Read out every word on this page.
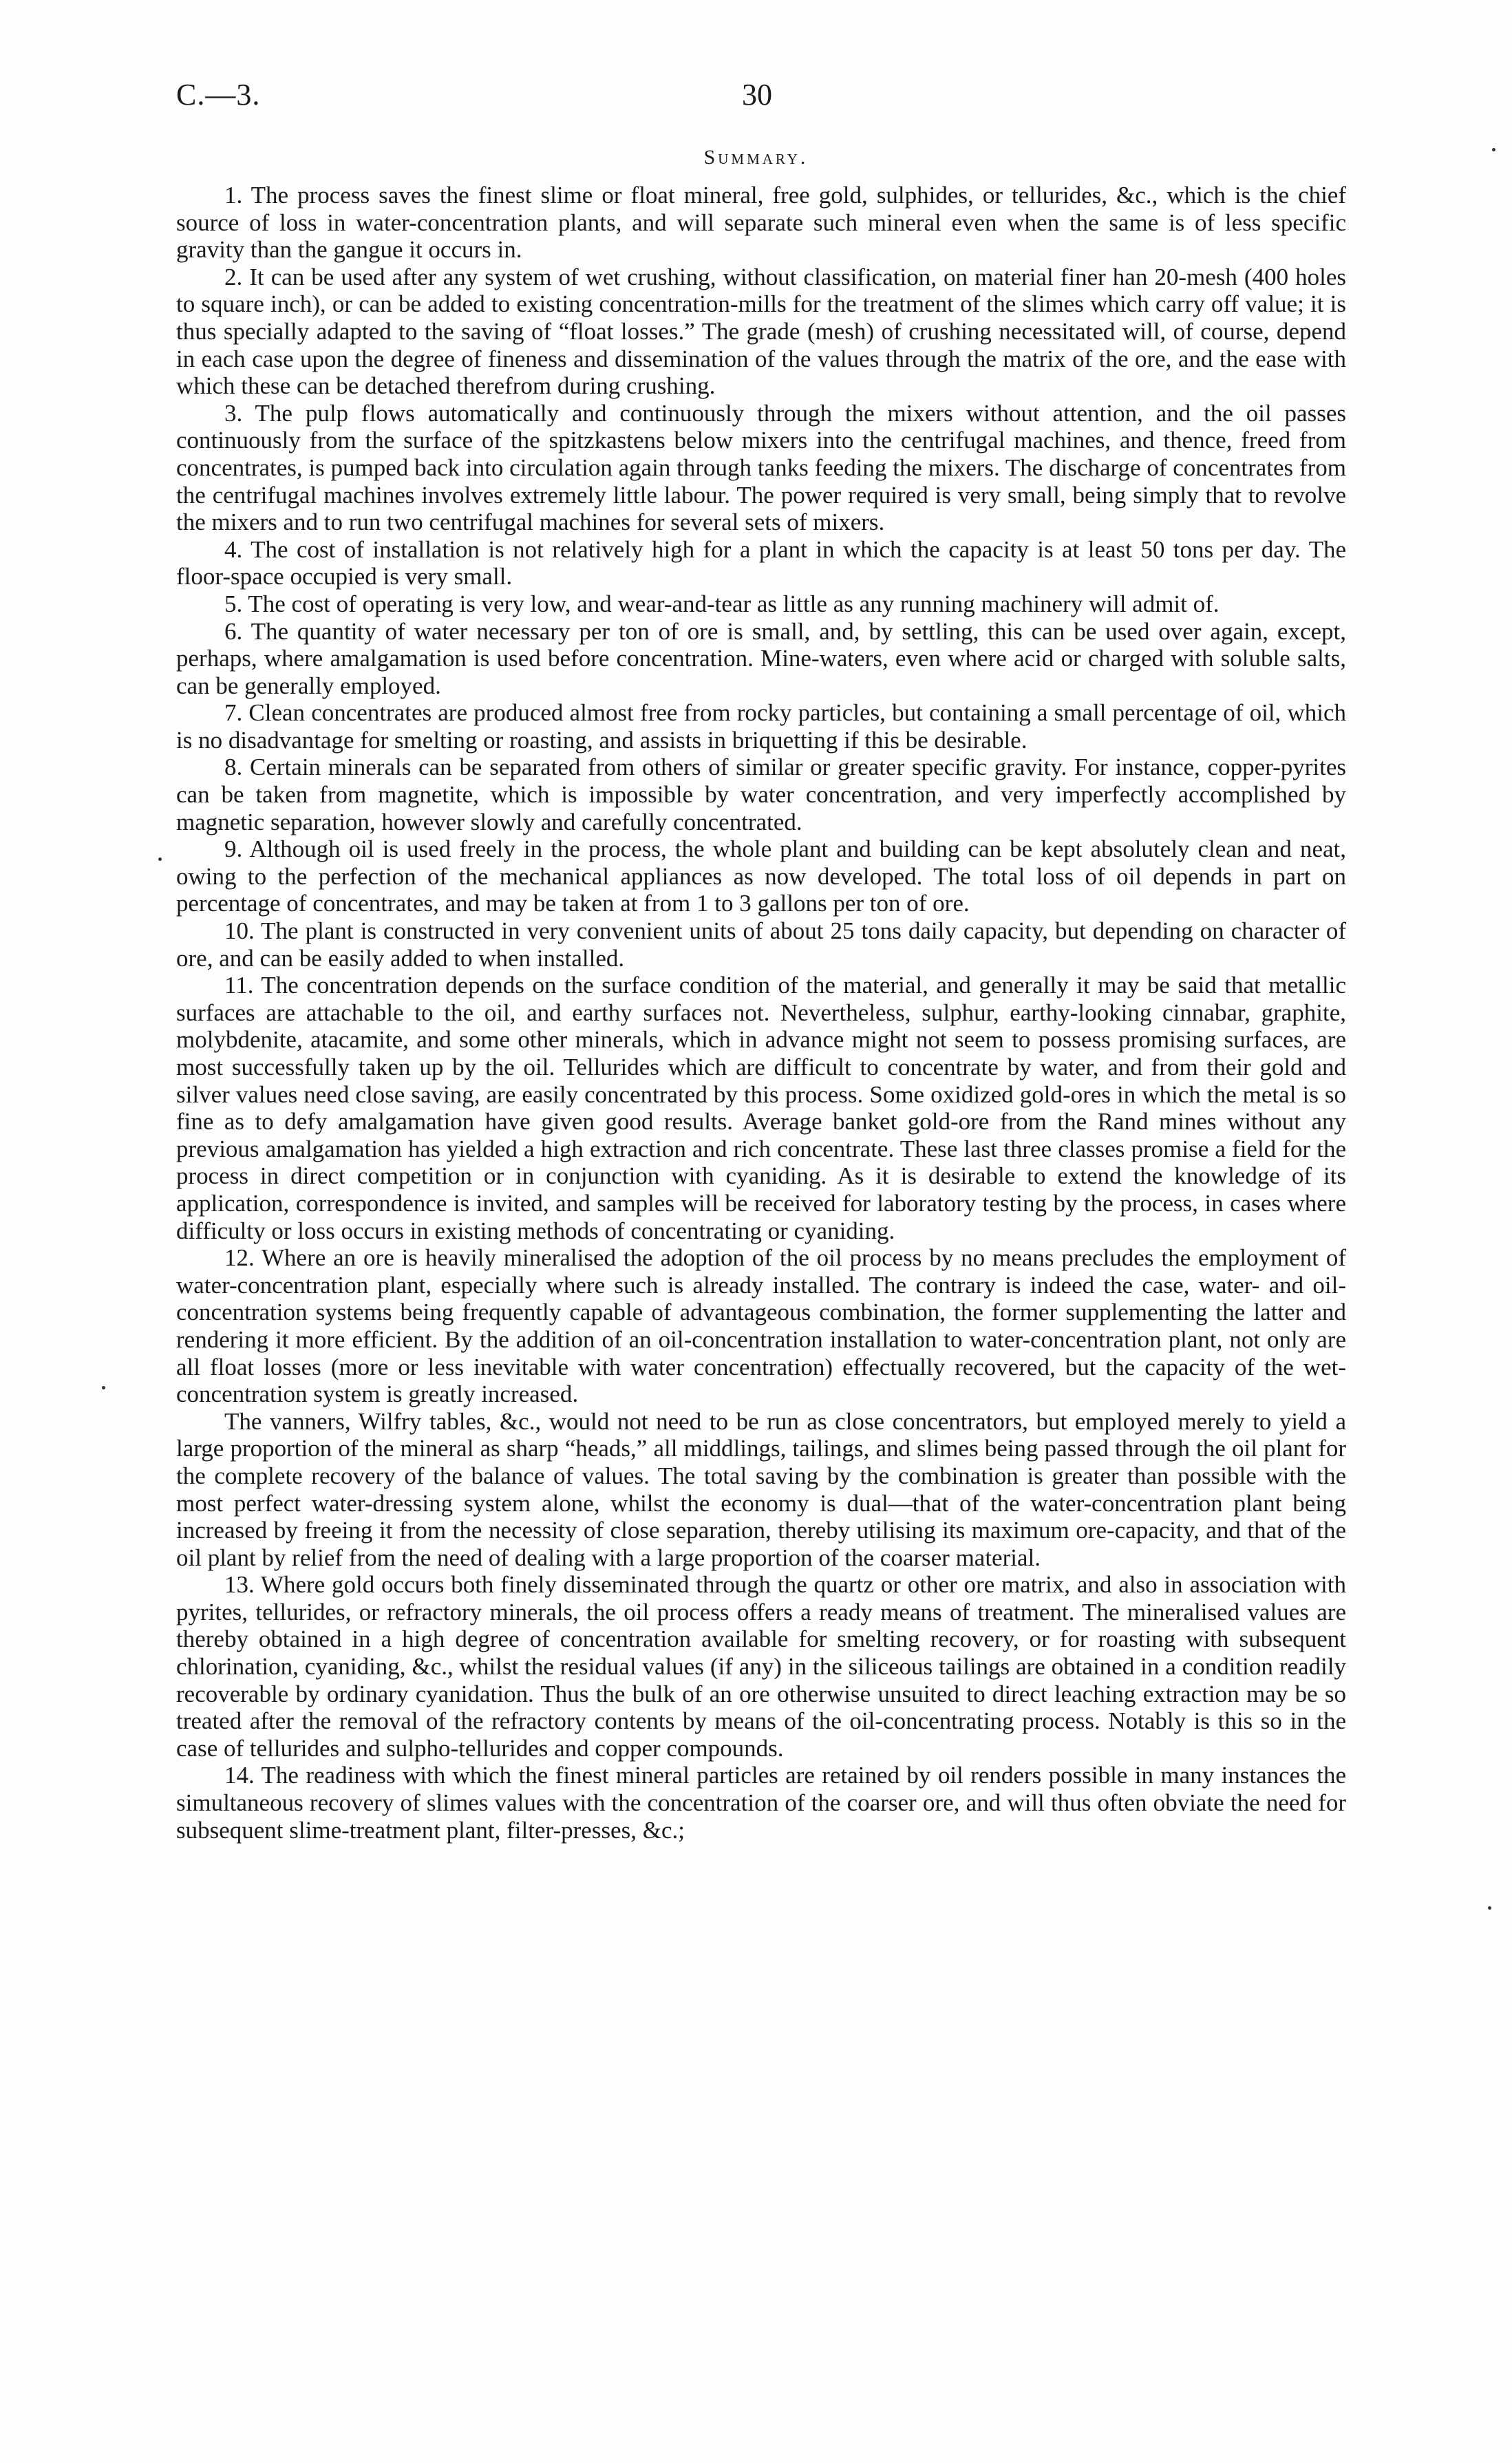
C.—3.	30
Summary.

1. The process saves the finest slime or float mineral, free gold, sulphides, or tellurides, &c., which is the chief source of loss in water-concentration plants, and will separate such mineral even when the same is of less specific gravity than the gangue it occurs in.

2. It can be used after any system of wet crushing, without classification, on material finer han 20-mesh (400 holes to square inch), or can be added to existing concentration-mills for the treatment of the slimes which carry off value; it is thus specially adapted to the saving of “float losses.” The grade (mesh) of crushing necessitated will, of course, depend in each case upon the degree of fineness and dissemination of the values through the matrix of the ore, and the ease with which these can be detached therefrom during crushing.

3. The pulp flows automatically and continuously through the mixers without attention, and the oil passes continuously from the surface of the spitzkastens below mixers into the centrifugal machines, and thence, freed from concentrates, is pumped back into circulation again through tanks feeding the mixers. The discharge of concentrates from the centrifugal machines involves extremely little labour. The power required is very small, being simply that to revolve the mixers and to run two centrifugal machines for several sets of mixers.

4. The cost of installation is not relatively high for a plant in which the capacity is at least 50 tons per day. The floor-space occupied is very small.

5. The cost of operating is very low, and wear-and-tear as little as any running machinery will admit of.

6. The quantity of water necessary per ton of ore is small, and, by settling, this can be used over again, except, perhaps, where amalgamation is used before concentration. Mine-waters, even where acid or charged with soluble salts, can be generally employed.

7. Clean concentrates are produced almost free from rocky particles, but containing a small percentage of oil, which is no disadvantage for smelting or roasting, and assists in briquetting if this be desirable.

8. Certain minerals can be separated from others of similar or greater specific gravity. For instance, copper-pyrites can be taken from magnetite, which is impossible by water concentration, and very imperfectly accomplished by magnetic separation, however slowly and carefully concentrated.

9. Although oil is used freely in the process, the whole plant and building can be kept absolutely clean and neat, owing to the perfection of the mechanical appliances as now developed. The total loss of oil depends in part on percentage of concentrates, and may be taken at from 1 to 3 gallons per ton of ore.

10. The plant is constructed in very convenient units of about 25 tons daily capacity, but depending on character of ore, and can be easily added to when installed.

11. The concentration depends on the surface condition of the material, and generally it may be said that metallic surfaces are attachable to the oil, and earthy surfaces not. Nevertheless, sulphur, earthy-looking cinnabar, graphite, molybdenite, atacamite, and some other minerals, which in advance might not seem to possess promising surfaces, are most successfully taken up by the oil. Tellurides which are difficult to concentrate by water, and from their gold and silver values need close saving, are easily concentrated by this process. Some oxidized gold-ores in which the metal is so fine as to defy amalgamation have given good results. Average banket gold-ore from the Rand mines without any previous amalgamation has yielded a high extraction and rich concentrate. These last three classes promise a field for the process in direct competition or in conjunction with cyaniding. As it is desirable to extend the knowledge of its application, correspondence is invited, and samples will be received for laboratory testing by the process, in cases where difficulty or loss occurs in existing methods of concentrating or cyaniding.

12. Where an ore is heavily mineralised the adoption of the oil process by no means precludes the employment of water-concentration plant, especially where such is already installed. The contrary is indeed the case, water- and oil-concentration systems being frequently capable of advantageous combination, the former supplementing the latter and rendering it more efficient. By the addition of an oil-concentration installation to water-concentration plant, not only are all float losses (more or less inevitable with water concentration) effectually recovered, but the capacity of the wet-concentration system is greatly increased.

The vanners, Wilfry tables, &c., would not need to be run as close concentrators, but employed merely to yield a large proportion of the mineral as sharp “heads,” all middlings, tailings, and slimes being passed through the oil plant for the complete recovery of the balance of values. The total saving by the combination is greater than possible with the most perfect water-dressing system alone, whilst the economy is dual—that of the water-concentration plant being increased by freeing it from the necessity of close separation, thereby utilising its maximum ore-capacity, and that of the oil plant by relief from the need of dealing with a large proportion of the coarser material.

13. Where gold occurs both finely disseminated through the quartz or other ore matrix, and also in association with pyrites, tellurides, or refractory minerals, the oil process offers a ready means of treatment. The mineralised values are thereby obtained in a high degree of concentration available for smelting recovery, or for roasting with subsequent chlorination, cyaniding, &c., whilst the residual values (if any) in the siliceous tailings are obtained in a condition readily recoverable by ordinary cyanidation. Thus the bulk of an ore otherwise unsuited to direct leaching extraction may be so treated after the removal of the refractory contents by means of the oil-concentrating process. Notably is this so in the case of tellurides and sulpho-tellurides and copper compounds.

14. The readiness with which the finest mineral particles are retained by oil renders possible in many instances the simultaneous recovery of slimes values with the concentration of the coarser ore, and will thus often obviate the need for subsequent slime-treatment plant, filter-presses, &c.;
